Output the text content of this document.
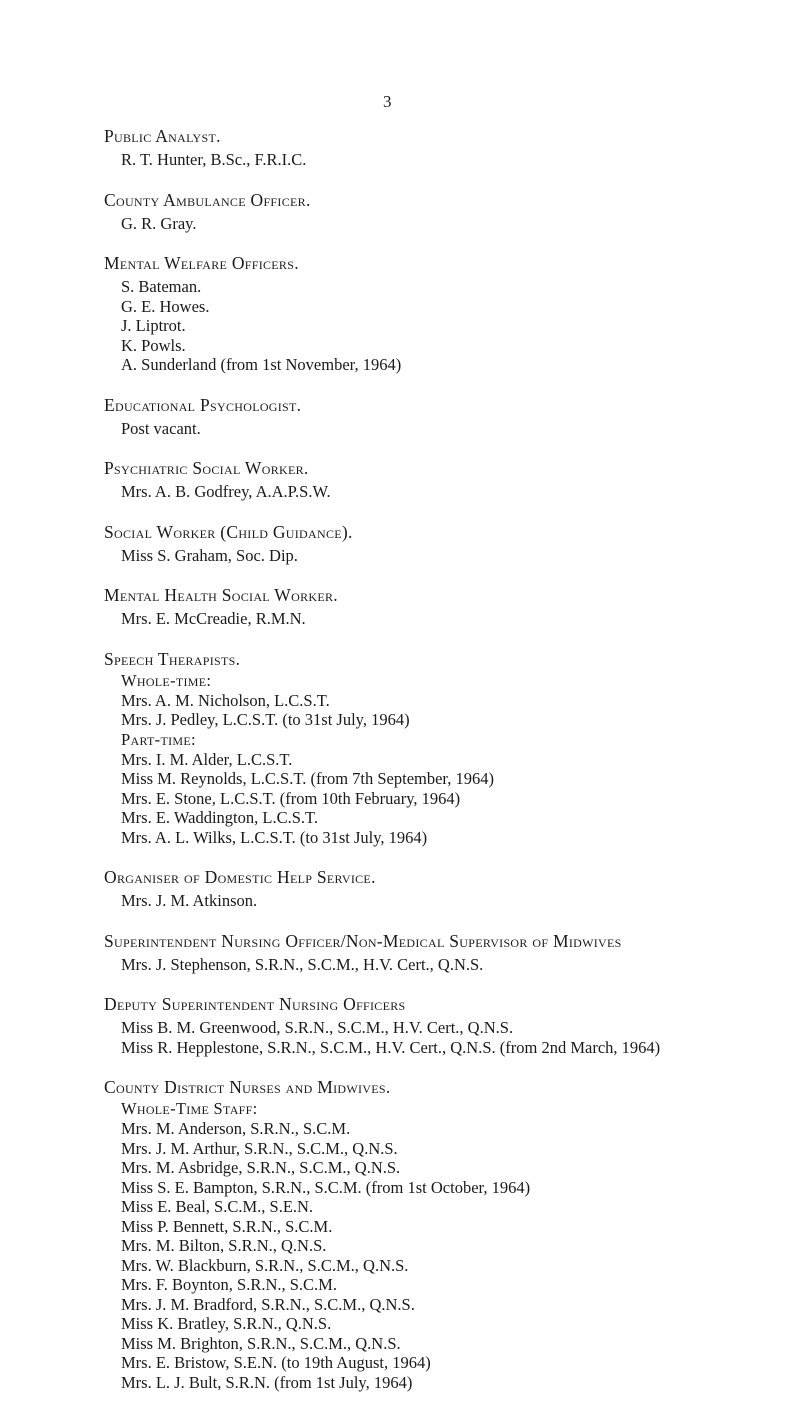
3
Public Analyst.
R. T. Hunter, B.Sc., F.R.I.C.
County Ambulance Officer.
G. R. Gray.
Mental Welfare Officers.
S. Bateman.
G. E. Howes.
J. Liptrot.
K. Powls.
A. Sunderland (from 1st November, 1964)
Educational Psychologist.
Post vacant.
Psychiatric Social Worker.
Mrs. A. B. Godfrey, A.A.P.S.W.
Social Worker (Child Guidance).
Miss S. Graham, Soc. Dip.
Mental Health Social Worker.
Mrs. E. McCreadie, R.M.N.
Speech Therapists.
Whole-time:
Mrs. A. M. Nicholson, L.C.S.T.
Mrs. J. Pedley, L.C.S.T. (to 31st July, 1964)
Part-time:
Mrs. I. M. Alder, L.C.S.T.
Miss M. Reynolds, L.C.S.T. (from 7th September, 1964)
Mrs. E. Stone, L.C.S.T. (from 10th February, 1964)
Mrs. E. Waddington, L.C.S.T.
Mrs. A. L. Wilks, L.C.S.T. (to 31st July, 1964)
Organiser of Domestic Help Service.
Mrs. J. M. Atkinson.
Superintendent Nursing Officer/Non-Medical Supervisor of Midwives
Mrs. J. Stephenson, S.R.N., S.C.M., H.V. Cert., Q.N.S.
Deputy Superintendent Nursing Officers
Miss B. M. Greenwood, S.R.N., S.C.M., H.V. Cert., Q.N.S.
Miss R. Hepplestone, S.R.N., S.C.M., H.V. Cert., Q.N.S. (from 2nd March, 1964)
County District Nurses and Midwives.
Whole-Time Staff:
Mrs. M. Anderson, S.R.N., S.C.M.
Mrs. J. M. Arthur, S.R.N., S.C.M., Q.N.S.
Mrs. M. Asbridge, S.R.N., S.C.M., Q.N.S.
Miss S. E. Bampton, S.R.N., S.C.M. (from 1st October, 1964)
Miss E. Beal, S.C.M., S.E.N.
Miss P. Bennett, S.R.N., S.C.M.
Mrs. M. Bilton, S.R.N., Q.N.S.
Mrs. W. Blackburn, S.R.N., S.C.M., Q.N.S.
Mrs. F. Boynton, S.R.N., S.C.M.
Mrs. J. M. Bradford, S.R.N., S.C.M., Q.N.S.
Miss K. Bratley, S.R.N., Q.N.S.
Miss M. Brighton, S.R.N., S.C.M., Q.N.S.
Mrs. E. Bristow, S.E.N. (to 19th August, 1964)
Mrs. L. J. Bult, S.R.N. (from 1st July, 1964)
